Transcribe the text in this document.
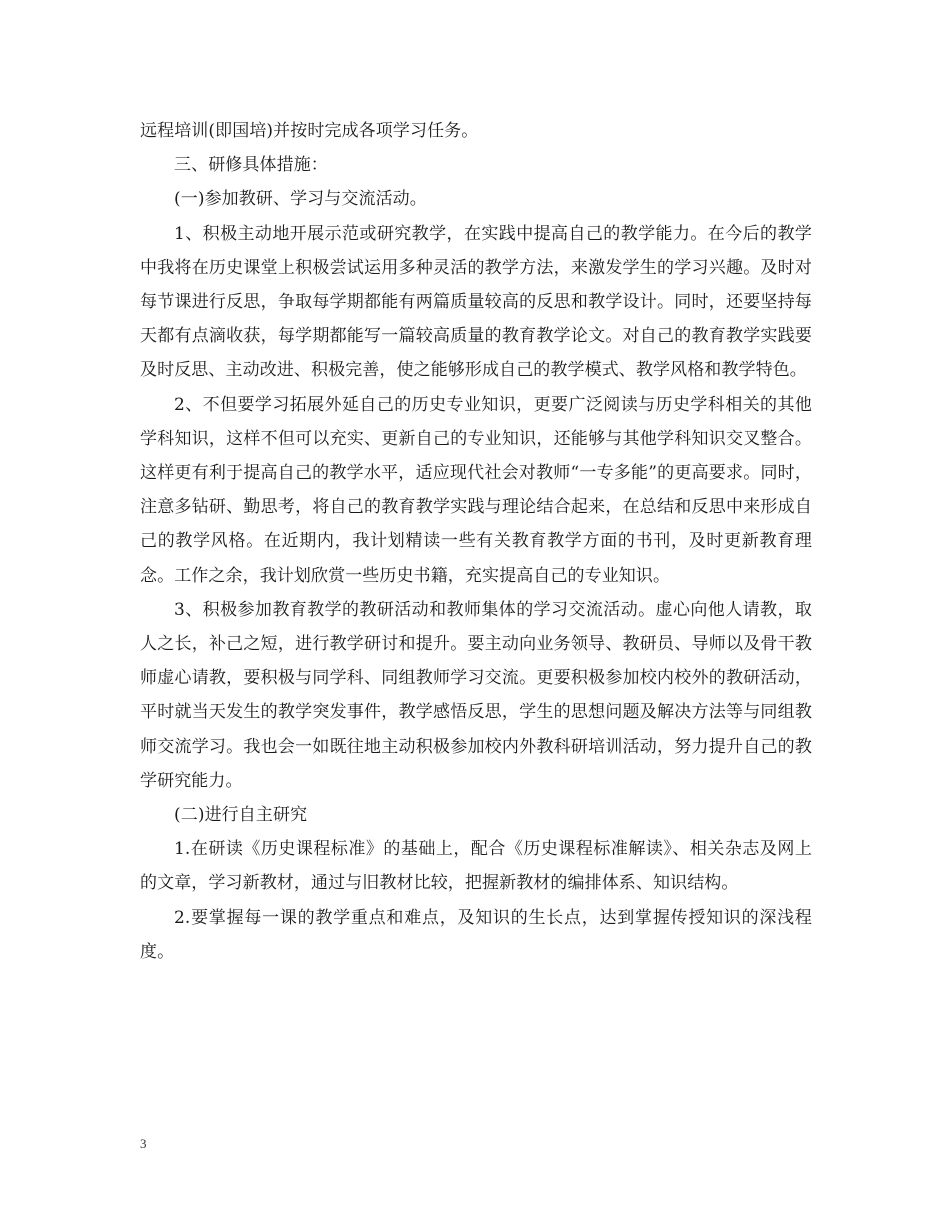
远程培训(即国培)并按时完成各项学习任务。

三、研修具体措施：

(一)参加教研、学习与交流活动。

1、积极主动地开展示范或研究教学，在实践中提高自己的教学能力。在今后的教学中我将在历史课堂上积极尝试运用多种灵活的教学方法，来激发学生的学习兴趣。及时对每节课进行反思，争取每学期都能有两篇质量较高的反思和教学设计。同时，还要坚持每天都有点滴收获，每学期都能写一篇较高质量的教育教学论文。对自己的教育教学实践要及时反思、主动改进、积极完善，使之能够形成自己的教学模式、教学风格和教学特色。

2、不但要学习拓展外延自己的历史专业知识，更要广泛阅读与历史学科相关的其他学科知识，这样不但可以充实、更新自己的专业知识，还能够与其他学科知识交叉整合。这样更有利于提高自己的教学水平，适应现代社会对教师“一专多能”的更高要求。同时，注意多钻研、勤思考，将自己的教育教学实践与理论结合起来，在总结和反思中来形成自己的教学风格。在近期内，我计划精读一些有关教育教学方面的书刊，及时更新教育理念。工作之余，我计划欣赏一些历史书籍，充实提高自己的专业知识。

3、积极参加教育教学的教研活动和教师集体的学习交流活动。虚心向他人请教，取人之长，补己之短，进行教学研讨和提升。要主动向业务领导、教研员、导师以及骨干教师虚心请教，要积极与同学科、同组教师学习交流。更要积极参加校内校外的教研活动，平时就当天发生的教学突发事件，教学感悟反思，学生的思想问题及解决方法等与同组教师交流学习。我也会一如既往地主动积极参加校内外教科研培训活动，努力提升自己的教学研究能力。

(二)进行自主研究

1.在研读《历史课程标准》的基础上，配合《历史课程标准解读》、相关杂志及网上的文章，学习新教材，通过与旧教材比较，把握新教材的编排体系、知识结构。

2.要掌握每一课的教学重点和难点，及知识的生长点，达到掌握传授知识的深浅程度。

3
